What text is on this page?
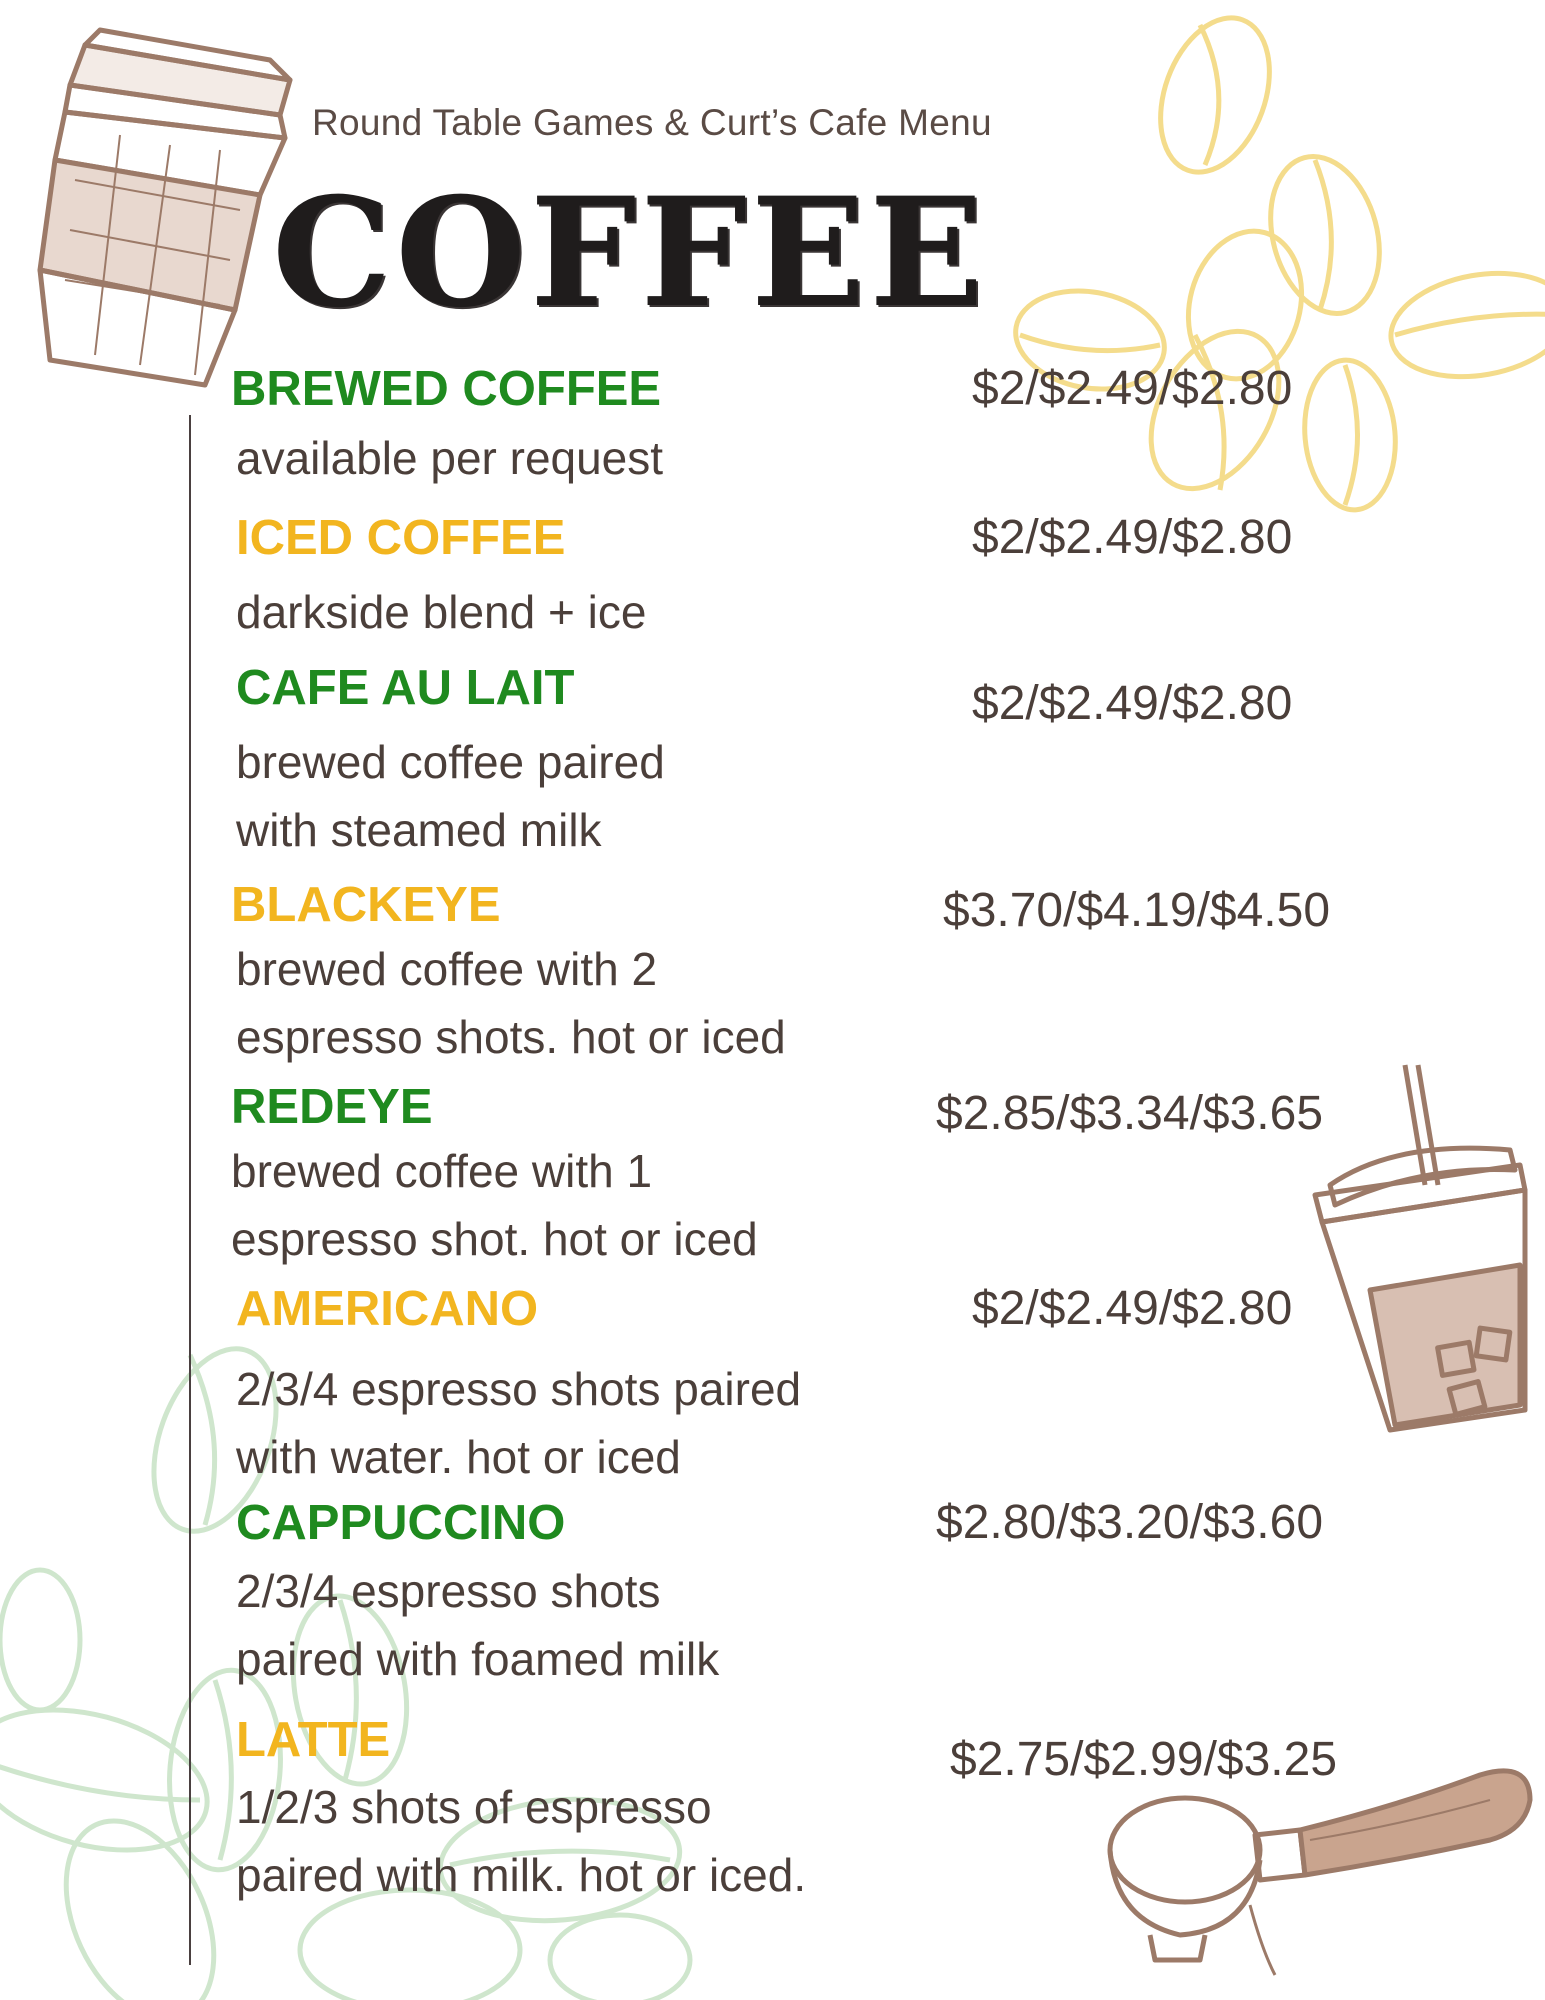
Round Table Games & Curt’s Cafe Menu
COFFEE
BREWED COFFEE
available per request
$2/$2.49/$2.80
ICED COFFEE
darkside blend + ice
$2/$2.49/$2.80
CAFE AU LAIT
brewed coffee paired
with steamed milk
$2/$2.49/$2.80
BLACKEYE
brewed coffee with 2
espresso shots. hot or iced
$3.70/$4.19/$4.50
REDEYE
brewed coffee with 1
espresso shot. hot or iced
$2.85/$3.34/$3.65
AMERICANO
2/3/4 espresso shots paired
with water. hot or iced
$2/$2.49/$2.80
CAPPUCCINO
2/3/4 espresso shots
paired with foamed milk
$2.80/$3.20/$3.60
LATTE
1/2/3 shots of espresso
paired with milk. hot or iced.
$2.75/$2.99/$3.25
